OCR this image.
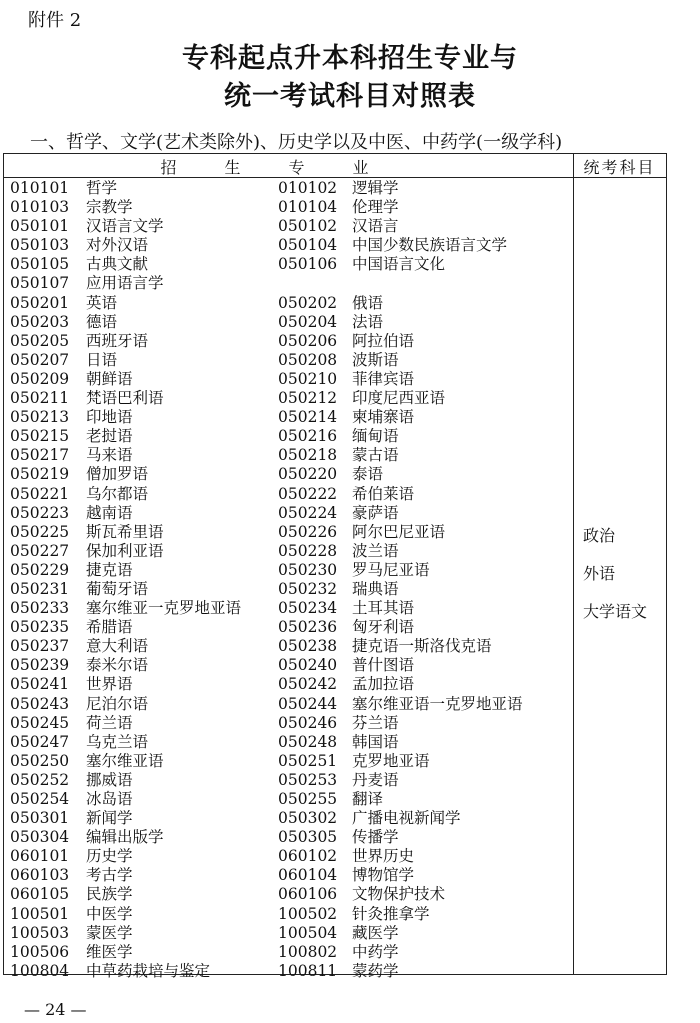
附件 2
专科起点升本科招生专业与
统一考试科目对照表
一、哲学、文学(艺术类除外)、历史学以及中医、中药学(一级学科)
招生专业	统考科目
010101 哲学	010102 逻辑学
010103 宗教学	010104 伦理学
050101 汉语言文学	050102 汉语言
050103 对外汉语	050104 中国少数民族语言文学
050105 古典文献	050106 中国语言文化
050107 应用语言学
050201 英语	050202 俄语
050203 德语	050204 法语
050205 西班牙语	050206 阿拉伯语
050207 日语	050208 波斯语
050209 朝鲜语	050210 菲律宾语
050211 梵语巴利语	050212 印度尼西亚语
050213 印地语	050214 柬埔寨语
050215 老挝语	050216 缅甸语
050217 马来语	050218 蒙古语
050219 僧加罗语	050220 泰语
050221 乌尔都语	050222 希伯莱语
050223 越南语	050224 豪萨语
050225 斯瓦希里语	050226 阿尔巴尼亚语
050227 保加利亚语	050228 波兰语
050229 捷克语	050230 罗马尼亚语
050231 葡萄牙语	050232 瑞典语
050233 塞尔维亚一克罗地亚语 050234 土耳其语
050235 希腊语	050236 匈牙利语
050237 意大利语	050238 捷克语一斯洛伐克语
050239 泰米尔语	050240 普什图语
050241 世界语	050242 孟加拉语
050243 尼泊尔语	050244 塞尔维亚语一克罗地亚语
050245 荷兰语	050246 芬兰语
050247 乌克兰语	050248 韩国语
050250 塞尔维亚语	050251 克罗地亚语
050252 挪威语	050253 丹麦语
050254 冰岛语	050255 翻译
050301 新闻学	050302 广播电视新闻学
050304 编辑出版学	050305 传播学
060101 历史学	060102 世界历史
060103 考古学	060104 博物馆学
060105 民族学	060106 文物保护技术
100501 中医学	100502 针灸推拿学
100503 蒙医学	100504 藏医学
100506 维医学	100802 中药学
100804 中草药栽培与鉴定	100811 蒙药学
政治
外语
大学语文
— 24 —
